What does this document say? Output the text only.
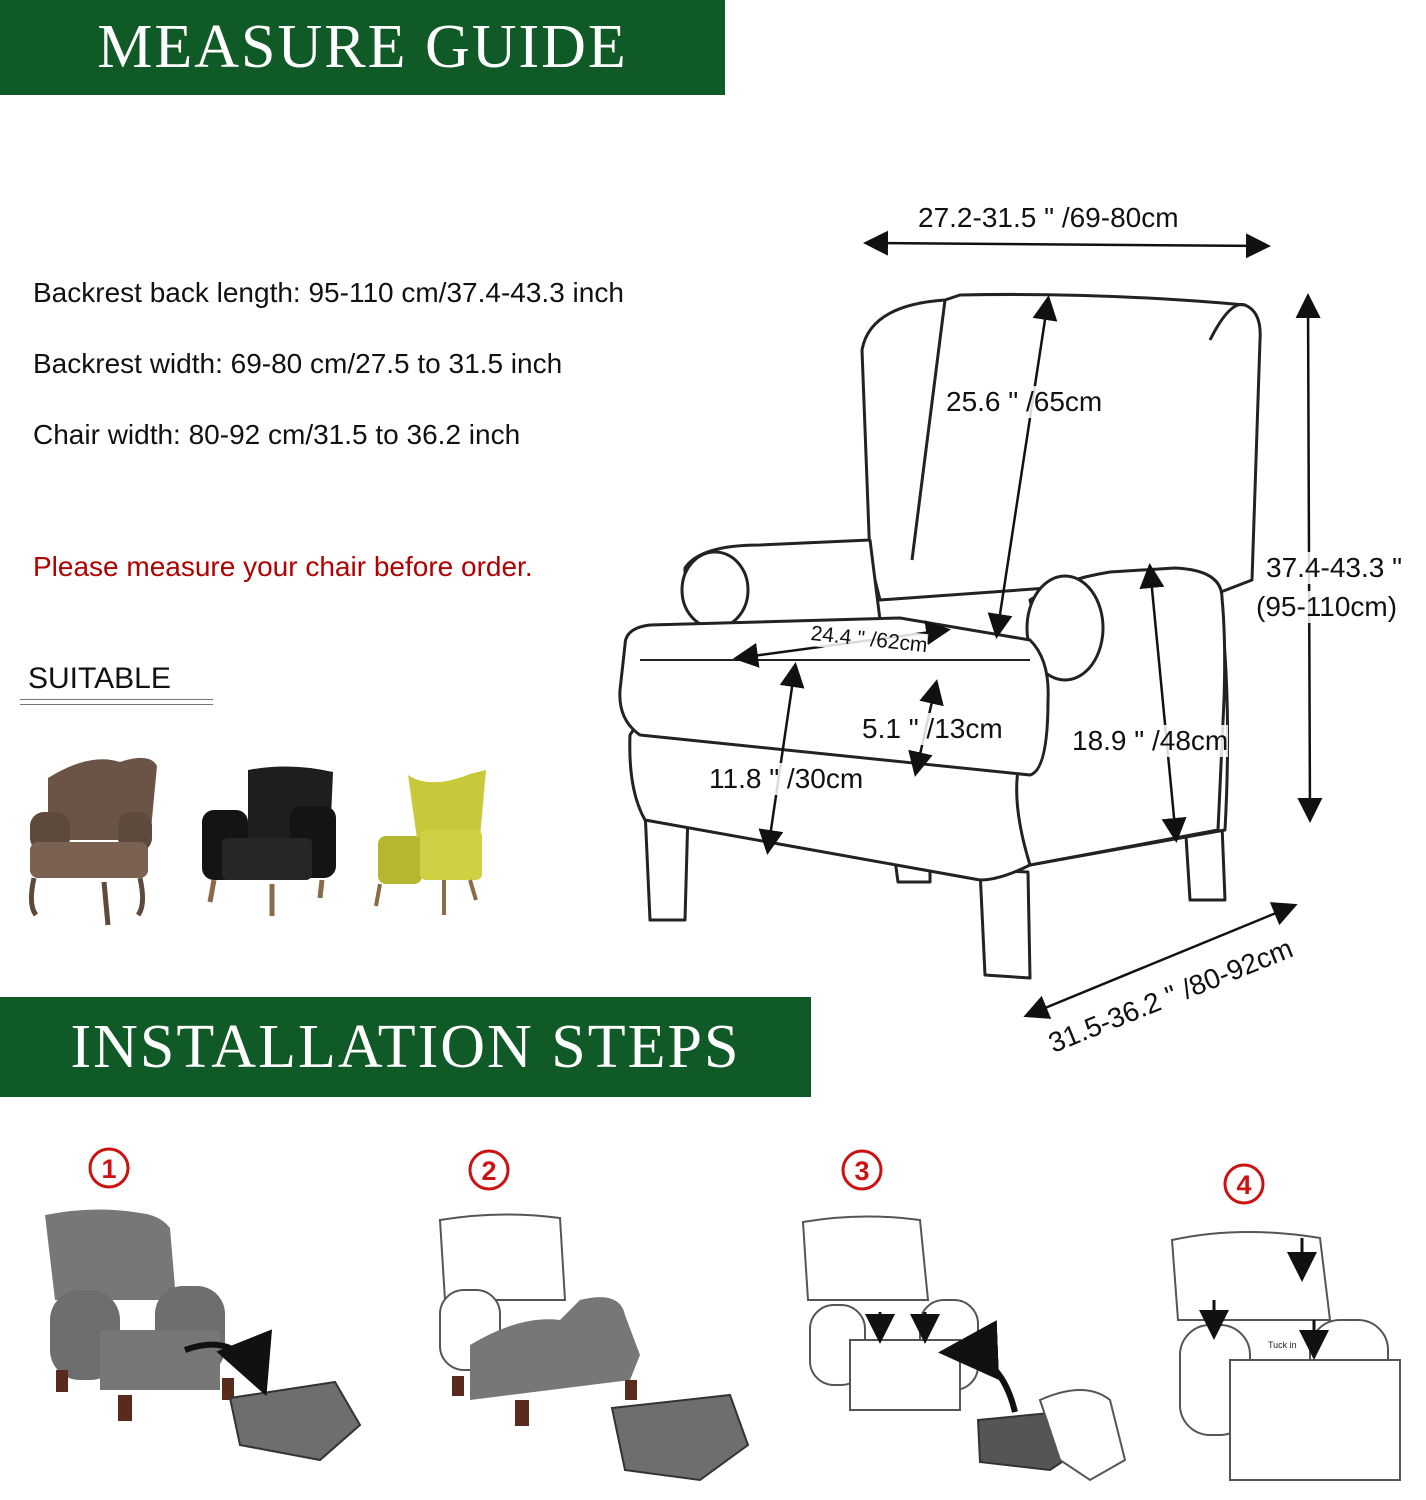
MEASURE GUIDE
Backrest back length: 95-110 cm/37.4-43.3 inch
Backrest width: 69-80 cm/27.5 to 31.5 inch
Chair width: 80-92 cm/31.5 to 36.2 inch
Please measure your chair before order.
SUITABLE
1	2	3	4
Tuck in
27.2-31.5 " /69-80cm
25.6 " /65cm
37.4-43.3 "
(95-110cm)
24.4 " /62cm
5.1 " /13cm 18.9 " /48cm
11.8 " /30cm
31.5-36.2 " /80-92cm
INSTALLATION STEPS
